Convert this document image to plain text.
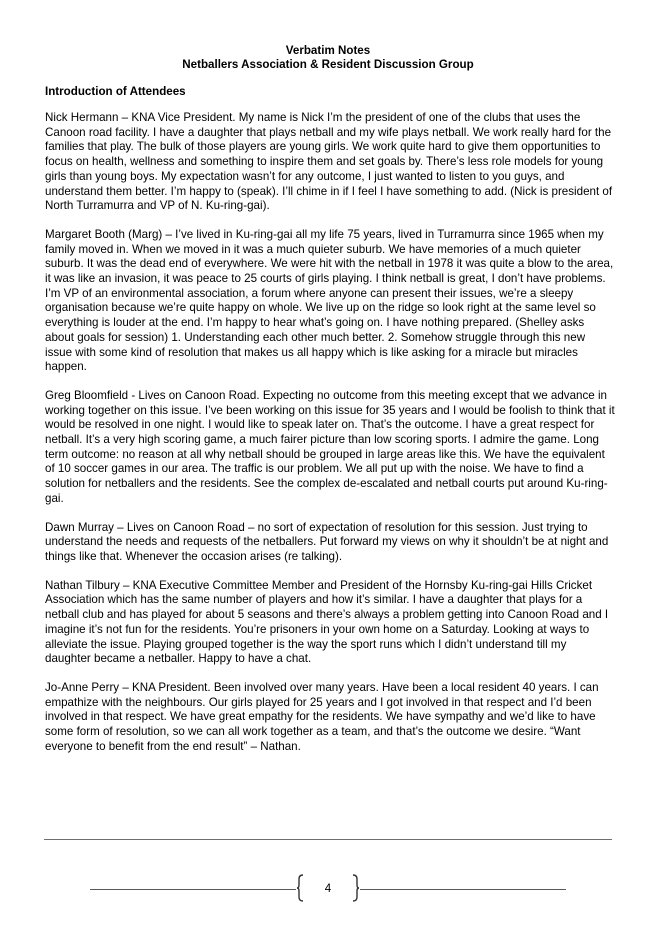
Verbatim Notes
Netballers Association & Resident Discussion Group
Introduction of Attendees

Nick Hermann – KNA Vice President. My name is Nick I’m the president of one of the clubs that uses the Canoon road facility. I have a daughter that plays netball and my wife plays netball. We work really hard for the families that play. The bulk of those players are young girls. We work quite hard to give them opportunities to focus on health, wellness and something to inspire them and set goals by. There’s less role models for young girls than young boys. My expectation wasn’t for any outcome, I just wanted to listen to you guys, and understand them better. I’m happy to (speak). I’ll chime in if I feel I have something to add. (Nick is president of North Turramurra and VP of N. Ku-ring-gai).

Margaret Booth (Marg) – I’ve lived in Ku-ring-gai all my life 75 years, lived in Turramurra since 1965 when my family moved in. When we moved in it was a much quieter suburb. We have memories of a much quieter suburb. It was the dead end of everywhere. We were hit with the netball in 1978 it was quite a blow to the area, it was like an invasion, it was peace to 25 courts of girls playing. I think netball is great, I don’t have problems. I’m VP of an environmental association, a forum where anyone can present their issues, we’re a sleepy organisation because we’re quite happy on whole. We live up on the ridge so look right at the same level so everything is louder at the end. I’m happy to hear what’s going on. I have nothing prepared. (Shelley asks about goals for session) 1. Understanding each other much better. 2. Somehow struggle through this new issue with some kind of resolution that makes us all happy which is like asking for a miracle but miracles happen.

Greg Bloomfield - Lives on Canoon Road. Expecting no outcome from this meeting except that we advance in working together on this issue. I’ve been working on this issue for 35 years and I would be foolish to think that it would be resolved in one night. I would like to speak later on. That’s the outcome. I have a great respect for netball. It’s a very high scoring game, a much fairer picture than low scoring sports. I admire the game. Long term outcome: no reason at all why netball should be grouped in large areas like this. We have the equivalent of 10 soccer games in our area. The traffic is our problem. We all put up with the noise. We have to find a solution for netballers and the residents. See the complex de-escalated and netball courts put around Ku-ring-gai.

Dawn Murray – Lives on Canoon Road – no sort of expectation of resolution for this session. Just trying to understand the needs and requests of the netballers. Put forward my views on why it shouldn’t be at night and things like that. Whenever the occasion arises (re talking).

Nathan Tilbury – KNA Executive Committee Member and President of the Hornsby Ku-ring-gai Hills Cricket Association which has the same number of players and how it’s similar. I have a daughter that plays for a netball club and has played for about 5 seasons and there’s always a problem getting into Canoon Road and I imagine it’s not fun for the residents. You’re prisoners in your own home on a Saturday. Looking at ways to alleviate the issue. Playing grouped together is the way the sport runs which I didn’t understand till my daughter became a netballer. Happy to have a chat.

Jo-Anne Perry – KNA President. Been involved over many years. Have been a local resident 40 years. I can empathize with the neighbours. Our girls played for 25 years and I got involved in that respect and I’d been involved in that respect. We have great empathy for the residents. We have sympathy and we’d like to have some form of resolution, so we can all work together as a team, and that’s the outcome we desire. “Want everyone to benefit from the end result” – Nathan.

4
